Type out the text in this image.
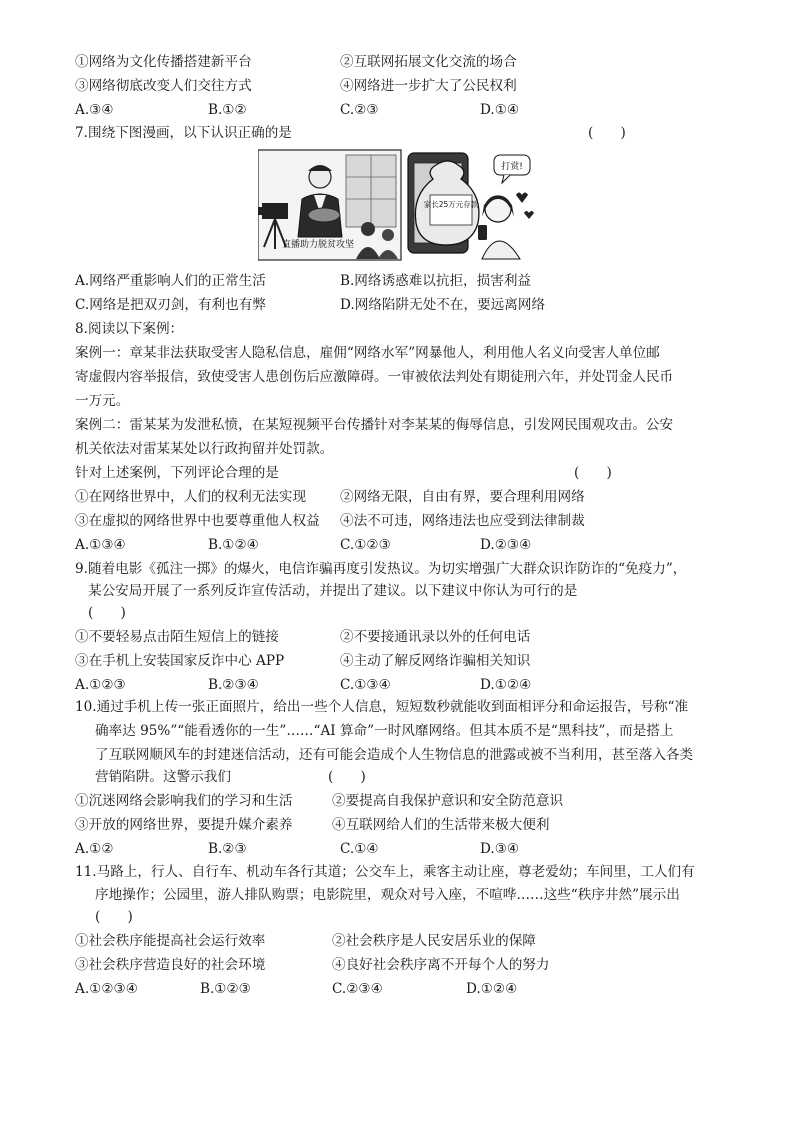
①网络为文化传播搭建新平台	②互联网拓展文化交流的场合
③网络彻底改变人们交往方式	④网络进一步扩大了公民权利
A.③④	B.①②	C.②③	D.①④
7.围绕下图漫画，以下认识正确的是	(　　)
直播助力脱贫攻坚
家长25万元存款
打赏!
A.网络严重影响人们的正常生活	B.网络诱惑难以抗拒，损害利益
C.网络是把双刃剑，有利也有弊	D.网络陷阱无处不在，要远离网络
8.阅读以下案例：
案例一：章某非法获取受害人隐私信息，雇佣“网络水军”网暴他人，利用他人名义向受害人单位邮
寄虚假内容举报信，致使受害人患创伤后应激障碍。一审被依法判处有期徒刑六年，并处罚金人民币
一万元。
案例二：雷某某为发泄私愤，在某短视频平台传播针对李某某的侮辱信息，引发网民围观攻击。公安
机关依法对雷某某处以行政拘留并处罚款。
针对上述案例，下列评论合理的是	(　　)
①在网络世界中，人们的权利无法实现 ②网络无限，自由有界，要合理利用网络
③在虚拟的网络世界中也要尊重他人权益 ④法不可违，网络违法也应受到法律制裁
A.①③④	B.①②④	C.①②③	D.②③④
9.随着电影《孤注一掷》的爆火，电信诈骗再度引发热议。为切实增强广大群众识诈防诈的“免疫力”，
某公安局开展了一系列反诈宣传活动，并提出了建议。以下建议中你认为可行的是
(　　)
①不要轻易点击陌生短信上的链接	②不要接通讯录以外的任何电话
③在手机上安装国家反诈中心 APP	④主动了解反网络诈骗相关知识
A.①②③	B.②③④	C.①③④	D.①②④
10.通过手机上传一张正面照片，给出一些个人信息，短短数秒就能收到面相评分和命运报告，号称“准
确率达 95%”“能看透你的一生”……“AI 算命”一时风靡网络。但其本质不是“黑科技”，而是搭上
了互联网顺风车的封建迷信活动，还有可能会造成个人生物信息的泄露或被不当利用，甚至落入各类
营销陷阱。这警示我们	(　　)
①沉迷网络会影响我们的学习和生活	②要提高自我保护意识和安全防范意识
③开放的网络世界，要提升媒介素养	④互联网给人们的生活带来极大便利
A.①②	B.②③	C.①④	D.③④
11.马路上，行人、自行车、机动车各行其道；公交车上，乘客主动让座，尊老爱幼；车间里，工人们有
序地操作；公园里，游人排队购票；电影院里，观众对号入座，不喧哗……这些“秩序井然”展示出
(　　)
①社会秩序能提高社会运行效率	②社会秩序是人民安居乐业的保障
③社会秩序营造良好的社会环境	④良好社会秩序离不开每个人的努力
A.①②③④	B.①②③	C.②③④	D.①②④
